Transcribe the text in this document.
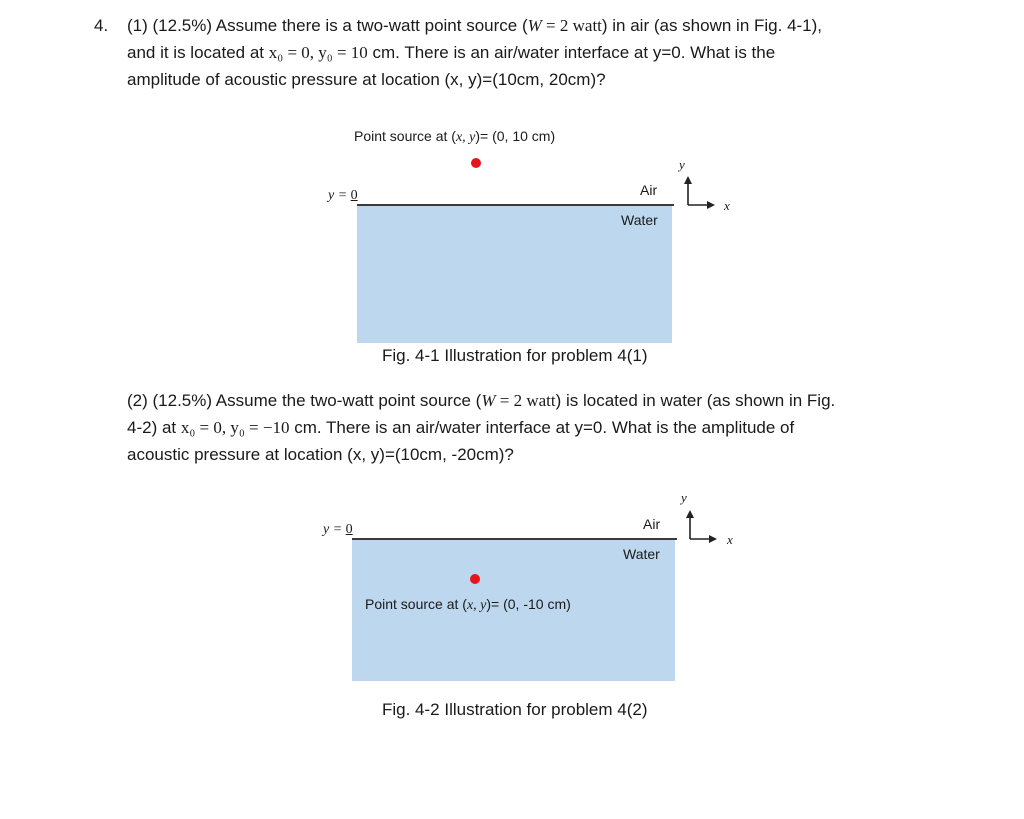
4. (1) (12.5%) Assume there is a two-watt point source (W = 2 watt) in air (as shown in Fig. 4-1),
and it is located at x₀ = 0, y₀ = 10 cm. There is an air/water interface at y=0. What is the
amplitude of acoustic pressure at location (x, y)=(10cm, 20cm)?
Point source at (x, y)= (0, 10 cm)
y = 0	Air
Water
y
x
Fig. 4-1 Illustration for problem 4(1)
(2) (12.5%) Assume the two-watt point source (W = 2 watt) is located in water (as shown in Fig.
4-2) at x₀ = 0, y₀ = −10 cm. There is an air/water interface at y=0. What is the amplitude of
acoustic pressure at location (x, y)=(10cm, -20cm)?
y = 0	Air
Water
Point source at (x, y)= (0, -10 cm)
y
x
Fig. 4-2 Illustration for problem 4(2)
